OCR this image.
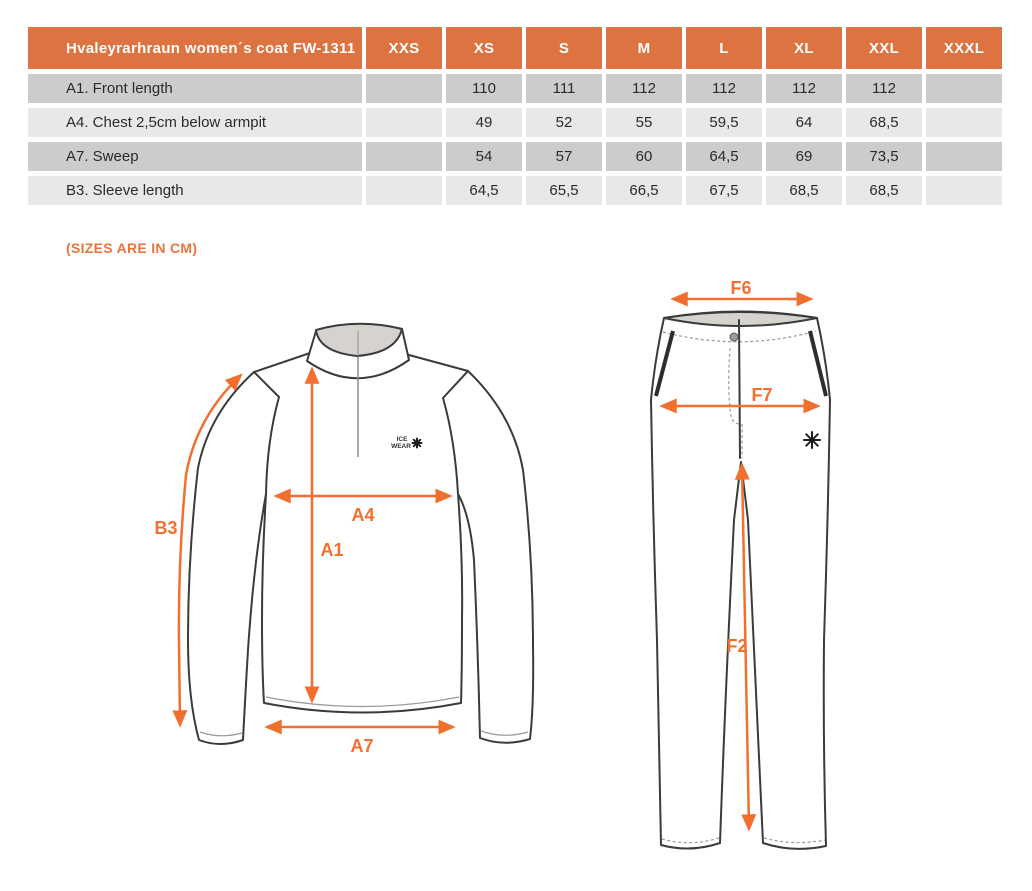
Hvaleyrarhraun women´s coat FW-1311	XXS	XS	S	M	L	XL	XXL	XXXL
A1. Front length		110	111	112	112	112	112	
A4. Chest 2,5cm below armpit		49	52	55	59,5	64	68,5	
A7. Sweep		54	57	60	64,5	69	73,5	
B3. Sleeve length		64,5	65,5	66,5	67,5	68,5	68,5	
(SIZES ARE IN CM)
ICE
WEAR
B3
A4
A1
A7
F6
F7
F2
